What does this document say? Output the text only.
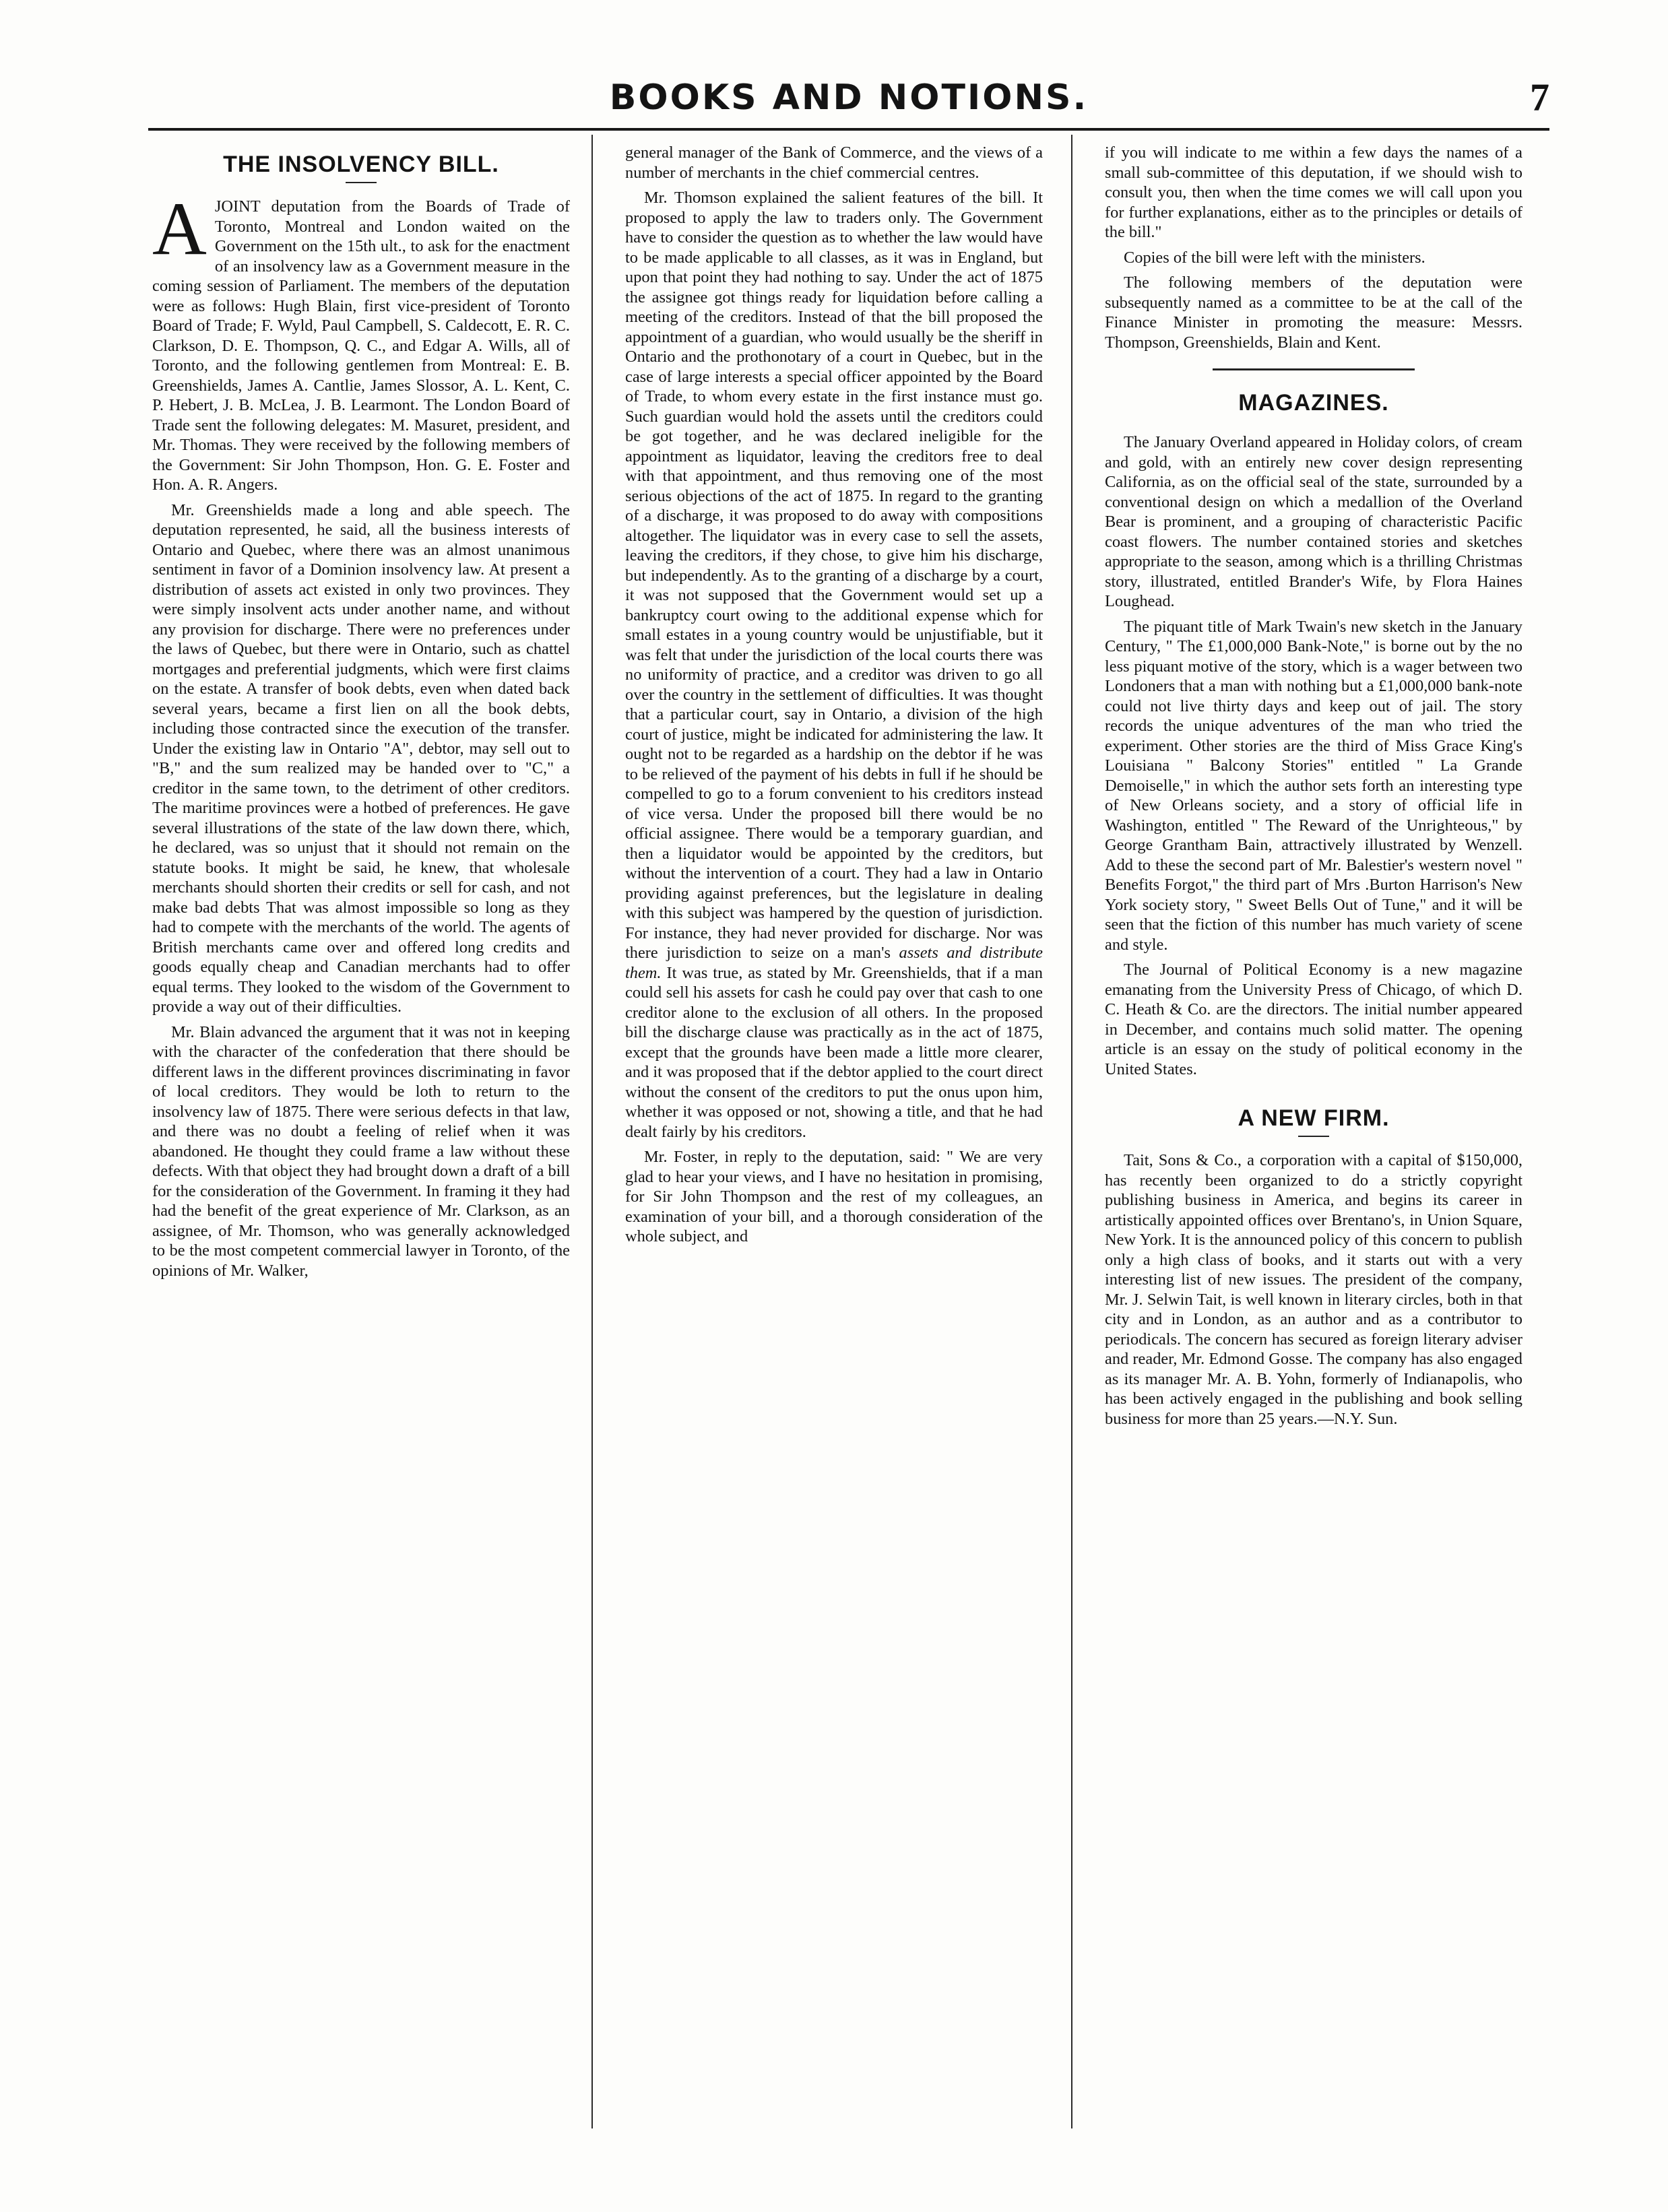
BOOKS AND NOTIONS.	7
THE INSOLVENCY BILL.

AJOINT deputation from the Boards of Trade of Toronto, Montreal and London waited on the Government on the 15th ult., to ask for the enactment of an insolvency law as a Government measure in the coming session of Parliament. The members of the deputation were as follows: Hugh Blain, first vice-president of Toronto Board of Trade; F. Wyld, Paul Campbell, S. Caldecott, E. R. C. Clarkson, D. E. Thompson, Q. C., and Edgar A. Wills, all of Toronto, and the following gentlemen from Montreal: E. B. Greenshields, James A. Cantlie, James Slossor, A. L. Kent, C. P. Hebert, J. B. McLea, J. B. Learmont. The London Board of Trade sent the following delegates: M. Masuret, president, and Mr. Thomas. They were received by the following members of the Government: Sir John Thompson, Hon. G. E. Foster and Hon. A. R. Angers.

Mr. Greenshields made a long and able speech. The deputation represented, he said, all the business interests of Ontario and Quebec, where there was an almost unanimous sentiment in favor of a Dominion insolvency law. At present a distribution of assets act existed in only two provinces. They were simply insolvent acts under another name, and without any provision for discharge. There were no preferences under the laws of Quebec, but there were in Ontario, such as chattel mortgages and preferential judgments, which were first claims on the estate. A transfer of book debts, even when dated back several years, became a first lien on all the book debts, including those contracted since the execution of the transfer. Under the existing law in Ontario "A", debtor, may sell out to "B," and the sum realized may be handed over to "C," a creditor in the same town, to the detriment of other creditors. The maritime provinces were a hotbed of preferences. He gave several illustrations of the state of the law down there, which, he declared, was so unjust that it should not remain on the statute books. It might be said, he knew, that wholesale merchants should shorten their credits or sell for cash, and not make bad debts That was almost impossible so long as they had to compete with the merchants of the world. The agents of British merchants came over and offered long credits and goods equally cheap and Canadian merchants had to offer equal terms. They looked to the wisdom of the Government to provide a way out of their difficulties.

Mr. Blain advanced the argument that it was not in keeping with the character of the confederation that there should be different laws in the different provinces discriminating in favor of local creditors. They would be loth to return to the insolvency law of 1875. There were serious defects in that law, and there was no doubt a feeling of relief when it was abandoned. He thought they could frame a law without these defects. With that object they had brought down a draft of a bill for the consideration of the Government. In framing it they had had the benefit of the great experience of Mr. Clarkson, as an assignee, of Mr. Thomson, who was generally acknowledged to be the most competent commercial lawyer in Toronto, of the opinions of Mr. Walker,

general manager of the Bank of Commerce, and the views of a number of merchants in the chief commercial centres.

Mr. Thomson explained the salient features of the bill. It proposed to apply the law to traders only. The Government have to consider the question as to whether the law would have to be made applicable to all classes, as it was in England, but upon that point they had nothing to say. Under the act of 1875 the assignee got things ready for liquidation before calling a meeting of the creditors. Instead of that the bill proposed the appointment of a guardian, who would usually be the sheriff in Ontario and the prothonotary of a court in Quebec, but in the case of large interests a special officer appointed by the Board of Trade, to whom every estate in the first instance must go. Such guardian would hold the assets until the creditors could be got together, and he was declared ineligible for the appointment as liquidator, leaving the creditors free to deal with that appointment, and thus removing one of the most serious objections of the act of 1875. In regard to the granting of a discharge, it was proposed to do away with compositions altogether. The liquidator was in every case to sell the assets, leaving the creditors, if they chose, to give him his discharge, but independently. As to the granting of a discharge by a court, it was not supposed that the Government would set up a bankruptcy court owing to the additional expense which for small estates in a young country would be unjustifiable, but it was felt that under the jurisdiction of the local courts there was no uniformity of practice, and a creditor was driven to go all over the country in the settlement of difficulties. It was thought that a particular court, say in Ontario, a division of the high court of justice, might be indicated for administering the law. It ought not to be regarded as a hardship on the debtor if he was to be relieved of the payment of his debts in full if he should be compelled to go to a forum convenient to his creditors instead of vice versa. Under the proposed bill there would be no official assignee. There would be a temporary guardian, and then a liquidator would be appointed by the creditors, but without the intervention of a court. They had a law in Ontario providing against preferences, but the legislature in dealing with this subject was hampered by the question of jurisdiction. For instance, they had never provided for discharge. Nor was there jurisdiction to seize on a man's assets and distribute them. It was true, as stated by Mr. Greenshields, that if a man could sell his assets for cash he could pay over that cash to one creditor alone to the exclusion of all others. In the proposed bill the discharge clause was practically as in the act of 1875, except that the grounds have been made a little more clearer, and it was proposed that if the debtor applied to the court direct without the consent of the creditors to put the onus upon him, whether it was opposed or not, showing a title, and that he had dealt fairly by his creditors.

Mr. Foster, in reply to the deputation, said: " We are very glad to hear your views, and I have no hesitation in promising, for Sir John Thompson and the rest of my colleagues, an examination of your bill, and a thorough consideration of the whole subject, and

if you will indicate to me within a few days the names of a small sub-committee of this deputation, if we should wish to consult you, then when the time comes we will call upon you for further explanations, either as to the principles or details of the bill."

Copies of the bill were left with the ministers.

The following members of the deputation were subsequently named as a committee to be at the call of the Finance Minister in promoting the measure: Messrs. Thompson, Greenshields, Blain and Kent.

MAGAZINES.

The January Overland appeared in Holiday colors, of cream and gold, with an entirely new cover design representing California, as on the official seal of the state, surrounded by a conventional design on which a medallion of the Overland Bear is prominent, and a grouping of characteristic Pacific coast flowers. The number contained stories and sketches appropriate to the season, among which is a thrilling Christmas story, illustrated, entitled Brander's Wife, by Flora Haines Loughead.

The piquant title of Mark Twain's new sketch in the January Century, " The £1,000,000 Bank-Note," is borne out by the no less piquant motive of the story, which is a wager between two Londoners that a man with nothing but a £1,000,000 bank-note could not live thirty days and keep out of jail. The story records the unique adventures of the man who tried the experiment. Other stories are the third of Miss Grace King's Louisiana " Balcony Stories" entitled " La Grande Demoiselle," in which the author sets forth an interesting type of New Orleans society, and a story of official life in Washington, entitled " The Reward of the Unrighteous," by George Grantham Bain, attractively illustrated by Wenzell. Add to these the second part of Mr. Balestier's western novel " Benefits Forgot," the third part of Mrs .Burton Harrison's New York society story, " Sweet Bells Out of Tune," and it will be seen that the fiction of this number has much variety of scene and style.

The Journal of Political Economy is a new magazine emanating from the University Press of Chicago, of which D. C. Heath & Co. are the directors. The initial number appeared in December, and contains much solid matter. The opening article is an essay on the study of political economy in the United States.

A NEW FIRM.

Tait, Sons & Co., a corporation with a capital of $150,000, has recently been organized to do a strictly copyright publishing business in America, and begins its career in artistically appointed offices over Brentano's, in Union Square, New York. It is the announced policy of this concern to publish only a high class of books, and it starts out with a very interesting list of new issues. The president of the company, Mr. J. Selwin Tait, is well known in literary circles, both in that city and in London, as an author and as a contributor to periodicals. The concern has secured as foreign literary adviser and reader, Mr. Edmond Gosse. The company has also engaged as its manager Mr. A. B. Yohn, formerly of Indianapolis, who has been actively engaged in the publishing and book selling business for more than 25 years.—N.Y. Sun.
